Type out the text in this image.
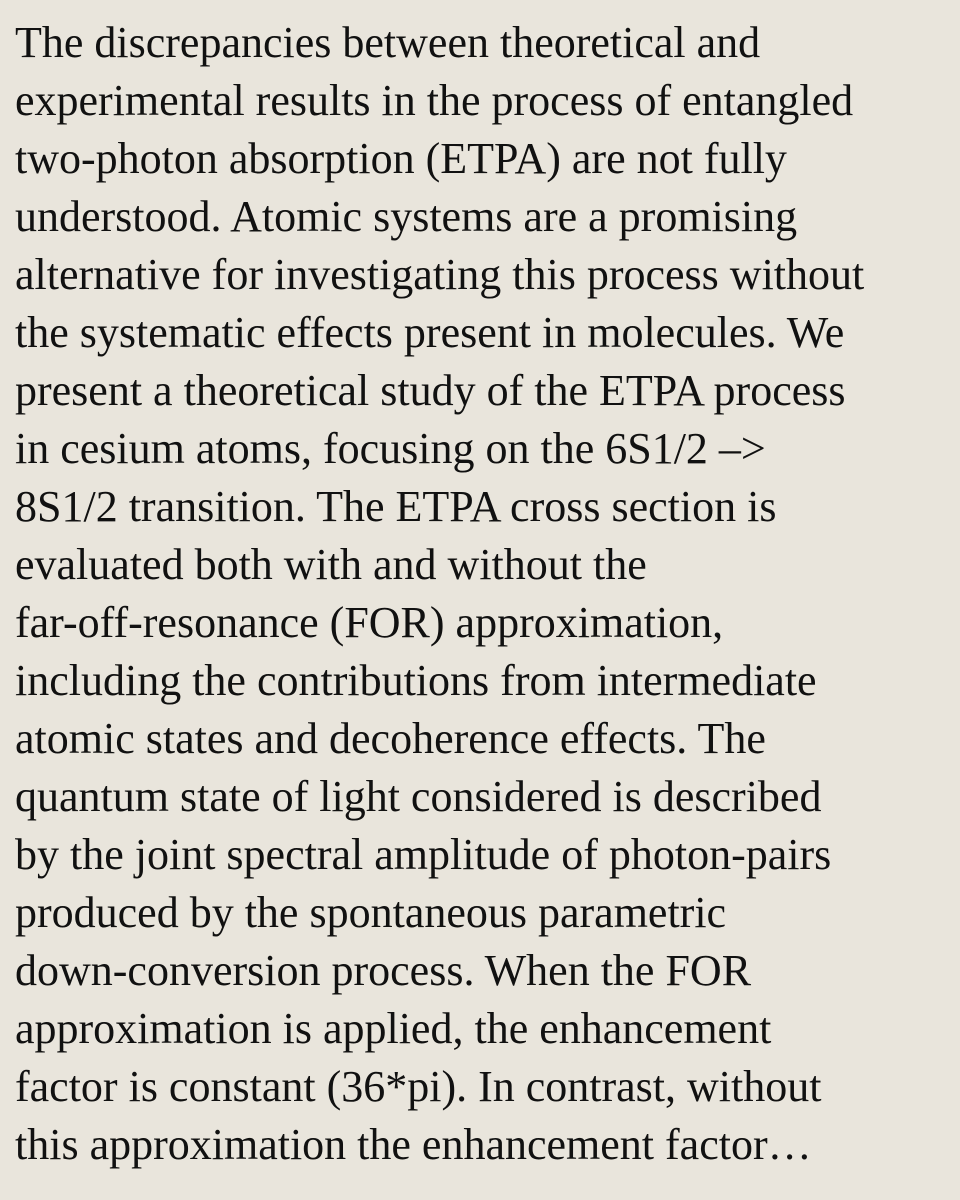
The discrepancies between theoretical and
experimental results in the process of entangled
two-photon absorption (ETPA) are not fully
understood. Atomic systems are a promising
alternative for investigating this process without
the systematic effects present in molecules. We
present a theoretical study of the ETPA process
in cesium atoms, focusing on the 6S1/2 –>
8S1/2 transition. The ETPA cross section is
evaluated both with and without the
far-off-resonance (FOR) approximation,
including the contributions from intermediate
atomic states and decoherence effects. The
quantum state of light considered is described
by the joint spectral amplitude of photon-pairs
produced by the spontaneous parametric
down-conversion process. When the FOR
approximation is applied, the enhancement
factor is constant (36*pi). In contrast, without
this approximation the enhancement factor…
